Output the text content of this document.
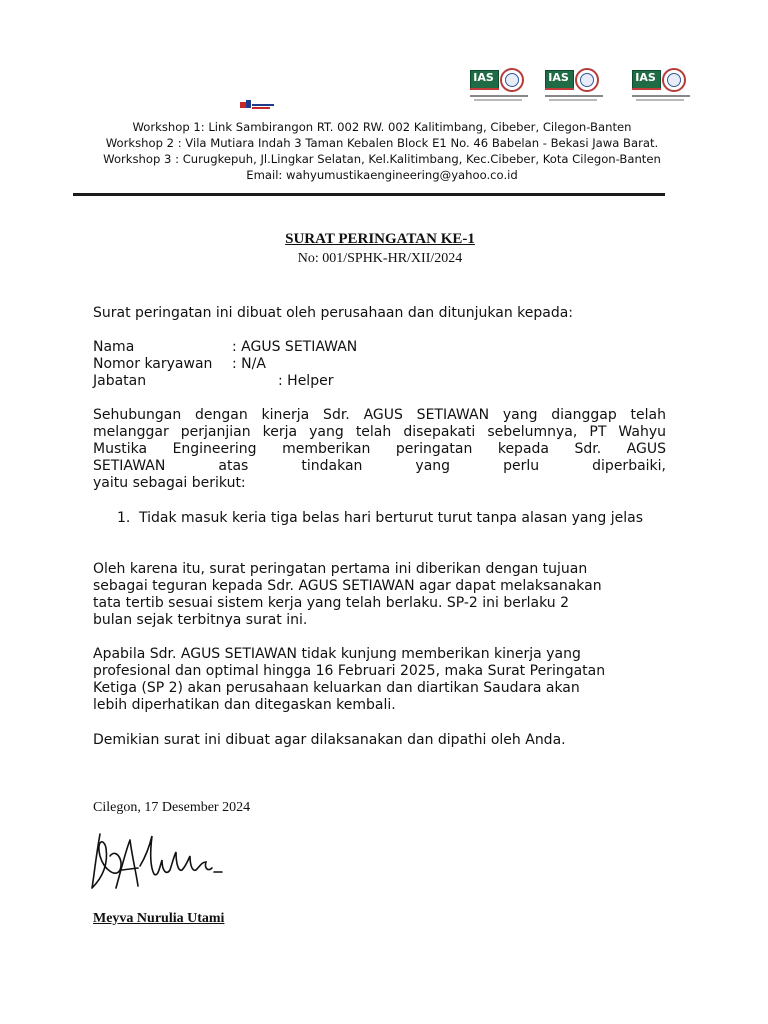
IAS	IAS	IAS
Workshop 1: Link Sambirangon RT. 002 RW. 002 Kalitimbang, Cibeber, Cilegon-Banten
Workshop 2 : Vila Mutiara Indah 3 Taman Kebalen Block E1 No. 46 Babelan - Bekasi Jawa Barat.
Workshop 3 : Curugkepuh, Jl.Lingkar Selatan, Kel.Kalitimbang, Kec.Cibeber, Kota Cilegon-Banten
Email: wahyumustikaengineering@yahoo.co.id
SURAT PERINGATAN KE-1
No: 001/SPHK-HR/XII/2024
Surat peringatan ini dibuat oleh perusahaan dan ditunjukan kepada:
Nama	: AGUS SETIAWAN
Nomor karyawan : N/A
Jabatan	: Helper
Sehubungan dengan kinerja Sdr. AGUS SETIAWAN yang dianggap telah
melanggar perjanjian kerja yang telah disepakati sebelumnya, PT Wahyu
Mustika Engineering memberikan peringatan kepada Sdr. AGUS
SETIAWAN atas tindakan yang perlu diperbaiki,
yaitu sebagai berikut:
1. Tidak masuk keria tiga belas hari berturut turut tanpa alasan yang jelas
Oleh karena itu, surat peringatan pertama ini diberikan dengan tujuan
sebagai teguran kepada Sdr. AGUS SETIAWAN agar dapat melaksanakan
tata tertib sesuai sistem kerja yang telah berlaku. SP-2 ini berlaku 2
bulan sejak terbitnya surat ini.
Apabila Sdr. AGUS SETIAWAN tidak kunjung memberikan kinerja yang
profesional dan optimal hingga 16 Februari 2025, maka Surat Peringatan
Ketiga (SP 2) akan perusahaan keluarkan dan diartikan Saudara akan
lebih diperhatikan dan ditegaskan kembali.
Demikian surat ini dibuat agar dilaksanakan dan dipathi oleh Anda.
Cilegon, 17 Desember 2024
Meyva Nurulia Utami
